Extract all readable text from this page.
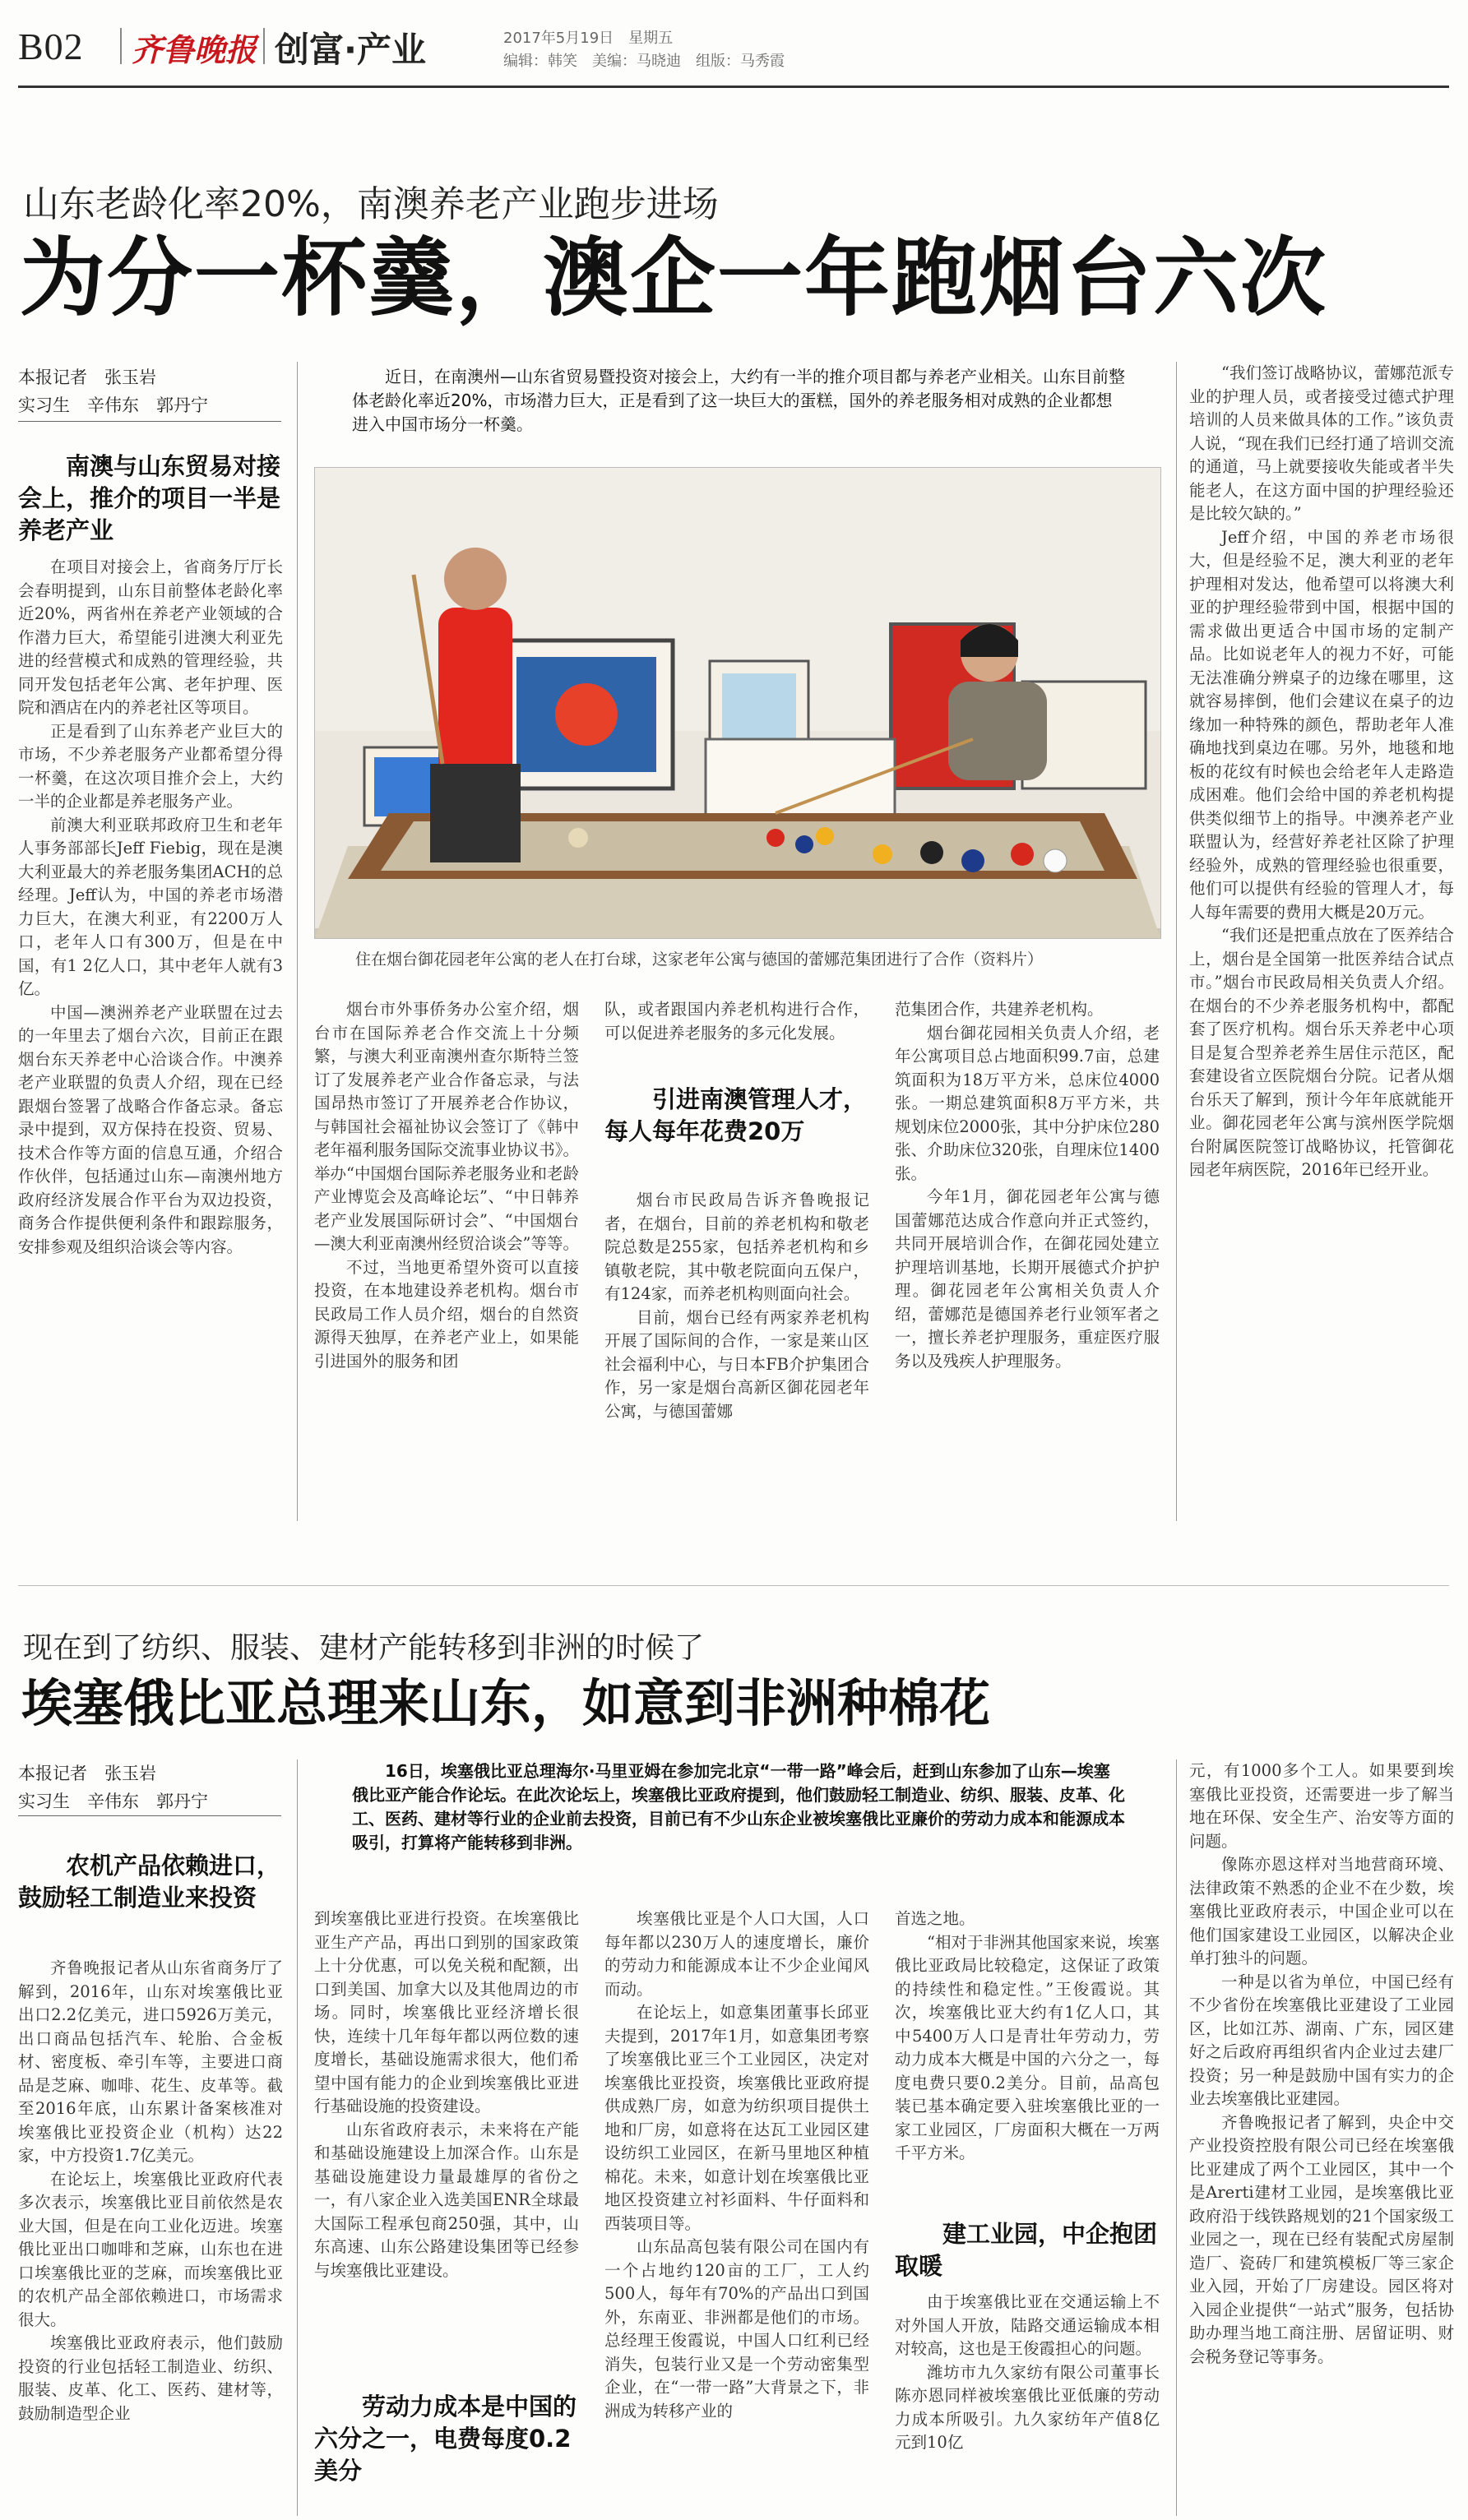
B02 齐鲁晚报 创富·产业	2017年5月19日　星期五
编辑：韩笑　美编：马晓迪　组版：马秀霞
山东老龄化率20%，南澳养老产业跑步进场
为分一杯羹，澳企一年跑烟台六次
本报记者　张玉岩
实习生　辛伟东　郭丹宁
近日，在南澳州—山东省贸易暨投资对接会上，大约有一半的推介项目都与养老产业相关。山东目前整体老龄化率近20%，市场潜力巨大，正是看到了这一块巨大的蛋糕，国外的养老服务相对成熟的企业都想进入中国市场分一杯羹。
住在烟台御花园老年公寓的老人在打台球，这家老年公寓与德国的蕾娜范集团进行了合作（资料片）
南澳与山东贸易对接会上，推介的项目一半是养老产业

在项目对接会上，省商务厅厅长会春明提到，山东目前整体老龄化率近20%，两省州在养老产业领域的合作潜力巨大，希望能引进澳大利亚先进的经营模式和成熟的管理经验，共同开发包括老年公寓、老年护理、医院和酒店在内的养老社区等项目。

正是看到了山东养老产业巨大的市场，不少养老服务产业都希望分得一杯羹，在这次项目推介会上，大约一半的企业都是养老服务产业。

前澳大利亚联邦政府卫生和老年人事务部部长Jeff Fiebig，现在是澳大利亚最大的养老服务集团ACH的总经理。Jeff认为，中国的养老市场潜力巨大，在澳大利亚，有2200万人口，老年人口有300万，但是在中国，有1 2亿人口，其中老年人就有3亿。

中国—澳洲养老产业联盟在过去的一年里去了烟台六次，目前正在跟烟台东天养老中心洽谈合作。中澳养老产业联盟的负责人介绍，现在已经跟烟台签署了战略合作备忘录。备忘录中提到，双方保持在投资、贸易、技术合作等方面的信息互通，介绍合作伙伴，包括通过山东—南澳州地方政府经济发展合作平台为双边投资，商务合作提供便利条件和跟踪服务，安排参观及组织洽谈会等内容。

烟台市外事侨务办公室介绍，烟台市在国际养老合作交流上十分频繁，与澳大利亚南澳州查尔斯特兰签订了发展养老产业合作备忘录，与法国昂热市签订了开展养老合作协议，与韩国社会福祉协议会签订了《韩中老年福利服务国际交流事业协议书》。举办“中国烟台国际养老服务业和老龄产业博览会及高峰论坛”、“中日韩养老产业发展国际研讨会”、“中国烟台—澳大利亚南澳州经贸洽谈会”等等。

不过，当地更希望外资可以直接投资，在本地建设养老机构。烟台市民政局工作人员介绍，烟台的自然资源得天独厚，在养老产业上，如果能引进国外的服务和团

队，或者跟国内养老机构进行合作，可以促进养老服务的多元化发展。

引进南澳管理人才，每人每年花费20万

烟台市民政局告诉齐鲁晚报记者，在烟台，目前的养老机构和敬老院总数是255家，包括养老机构和乡镇敬老院，其中敬老院面向五保户，有124家，而养老机构则面向社会。

目前，烟台已经有两家养老机构开展了国际间的合作，一家是莱山区社会福利中心，与日本FB介护集团合作，另一家是烟台高新区御花园老年公寓，与德国蕾娜

范集团合作，共建养老机构。

烟台御花园相关负责人介绍，老年公寓项目总占地面积99.7亩，总建筑面积为18万平方米，总床位4000张。一期总建筑面积8万平方米，共规划床位2000张，其中分护床位280张、介助床位320张，自理床位1400张。

今年1月，御花园老年公寓与德国蕾娜范达成合作意向并正式签约，共同开展培训合作，在御花园处建立护理培训基地，长期开展德式介护护理。御花园老年公寓相关负责人介绍，蕾娜范是德国养老行业领军者之一，擅长养老护理服务，重症医疗服务以及残疾人护理服务。

“我们签订战略协议，蕾娜范派专业的护理人员，或者接受过德式护理培训的人员来做具体的工作。”该负责人说，“现在我们已经打通了培训交流的通道，马上就要接收失能或者半失能老人，在这方面中国的护理经验还是比较欠缺的。”

Jeff介绍，中国的养老市场很大，但是经验不足，澳大利亚的老年护理相对发达，他希望可以将澳大利亚的护理经验带到中国，根据中国的需求做出更适合中国市场的定制产品。比如说老年人的视力不好，可能无法准确分辨桌子的边缘在哪里，这就容易摔倒，他们会建议在桌子的边缘加一种特殊的颜色，帮助老年人准确地找到桌边在哪。另外，地毯和地板的花纹有时候也会给老年人走路造成困难。他们会给中国的养老机构提供类似细节上的指导。中澳养老产业联盟认为，经营好养老社区除了护理经验外，成熟的管理经验也很重要，他们可以提供有经验的管理人才，每人每年需要的费用大概是20万元。

“我们还是把重点放在了医养结合上，烟台是全国第一批医养结合试点市。”烟台市民政局相关负责人介绍。在烟台的不少养老服务机构中，都配套了医疗机构。烟台乐天养老中心项目是复合型养老养生居住示范区，配套建设省立医院烟台分院。记者从烟台乐天了解到，预计今年年底就能开业。御花园老年公寓与滨州医学院烟台附属医院签订战略协议，托管御花园老年病医院，2016年已经开业。

现在到了纺织、服装、建材产能转移到非洲的时候了
埃塞俄比亚总理来山东，如意到非洲种棉花
本报记者　张玉岩
实习生　辛伟东　郭丹宁
16日，埃塞俄比亚总理海尔·马里亚姆在参加完北京“一带一路”峰会后，赶到山东参加了山东—埃塞俄比亚产能合作论坛。在此次论坛上，埃塞俄比亚政府提到，他们鼓励轻工制造业、纺织、服装、皮革、化工、医药、建材等行业的企业前去投资，目前已有不少山东企业被埃塞俄比亚廉价的劳动力成本和能源成本吸引，打算将产能转移到非洲。
农机产品依赖进口，鼓励轻工制造业来投资

齐鲁晚报记者从山东省商务厅了解到，2016年，山东对埃塞俄比亚出口2.2亿美元，进口5926万美元，出口商品包括汽车、轮胎、合金板材、密度板、牵引车等，主要进口商品是芝麻、咖啡、花生、皮革等。截至2016年底，山东累计备案核准对埃塞俄比亚投资企业（机构）达22家，中方投资1.7亿美元。

在论坛上，埃塞俄比亚政府代表多次表示，埃塞俄比亚目前依然是农业大国，但是在向工业化迈进。埃塞俄比亚出口咖啡和芝麻，山东也在进口埃塞俄比亚的芝麻，而埃塞俄比亚的农机产品全部依赖进口，市场需求很大。

埃塞俄比亚政府表示，他们鼓励投资的行业包括轻工制造业、纺织、服装、皮革、化工、医药、建材等，鼓励制造型企业

到埃塞俄比亚进行投资。在埃塞俄比亚生产产品，再出口到别的国家政策上十分优惠，可以免关税和配额，出口到美国、加拿大以及其他周边的市场。同时，埃塞俄比亚经济增长很快，连续十几年每年都以两位数的速度增长，基础设施需求很大，他们希望中国有能力的企业到埃塞俄比亚进行基础设施的投资建设。

山东省政府表示，未来将在产能和基础设施建设上加深合作。山东是基础设施建设力量最雄厚的省份之一，有八家企业入选美国ENR全球最大国际工程承包商250强，其中，山东高速、山东公路建设集团等已经参与埃塞俄比亚建设。

劳动力成本是中国的六分之一，电费每度0.2美分

埃塞俄比亚是个人口大国，人口每年都以230万人的速度增长，廉价的劳动力和能源成本让不少企业闻风而动。

在论坛上，如意集团董事长邱亚夫提到，2017年1月，如意集团考察了埃塞俄比亚三个工业园区，决定对埃塞俄比亚投资，埃塞俄比亚政府提供成熟厂房，如意为纺织项目提供土地和厂房，如意将在达瓦工业园区建设纺织工业园区，在新马里地区种植棉花。未来，如意计划在埃塞俄比亚地区投资建立衬衫面料、牛仔面料和西装项目等。

山东品高包装有限公司在国内有一个占地约120亩的工厂，工人约500人，每年有70%的产品出口到国外，东南亚、非洲都是他们的市场。总经理王俊霞说，中国人口红利已经消失，包装行业又是一个劳动密集型企业，在“一带一路”大背景之下，非洲成为转移产业的

首选之地。

“相对于非洲其他国家来说，埃塞俄比亚政局比较稳定，这保证了政策的持续性和稳定性。”王俊霞说。其次，埃塞俄比亚大约有1亿人口，其中5400万人口是青壮年劳动力，劳动力成本大概是中国的六分之一，每度电费只要0.2美分。目前，品高包装已基本确定要入驻埃塞俄比亚的一家工业园区，厂房面积大概在一万两千平方米。

建工业园，中企抱团取暖

由于埃塞俄比亚在交通运输上不对外国人开放，陆路交通运输成本相对较高，这也是王俊霞担心的问题。

潍坊市九久家纺有限公司董事长陈亦恩同样被埃塞俄比亚低廉的劳动力成本所吸引。九久家纺年产值8亿元到10亿

元，有1000多个工人。如果要到埃塞俄比亚投资，还需要进一步了解当地在环保、安全生产、治安等方面的问题。

像陈亦恩这样对当地营商环境、法律政策不熟悉的企业不在少数，埃塞俄比亚政府表示，中国企业可以在他们国家建设工业园区，以解决企业单打独斗的问题。

一种是以省为单位，中国已经有不少省份在埃塞俄比亚建设了工业园区，比如江苏、湖南、广东，园区建好之后政府再组织省内企业过去建厂投资；另一种是鼓励中国有实力的企业去埃塞俄比亚建园。

齐鲁晚报记者了解到，央企中交产业投资控股有限公司已经在埃塞俄比亚建成了两个工业园区，其中一个是Arerti建材工业园，是埃塞俄比亚政府沿于线铁路规划的21个国家级工业园之一，现在已经有装配式房屋制造厂、瓷砖厂和建筑模板厂等三家企业入园，开始了厂房建设。园区将对入园企业提供“一站式”服务，包括协助办理当地工商注册、居留证明、财会税务登记等事务。
